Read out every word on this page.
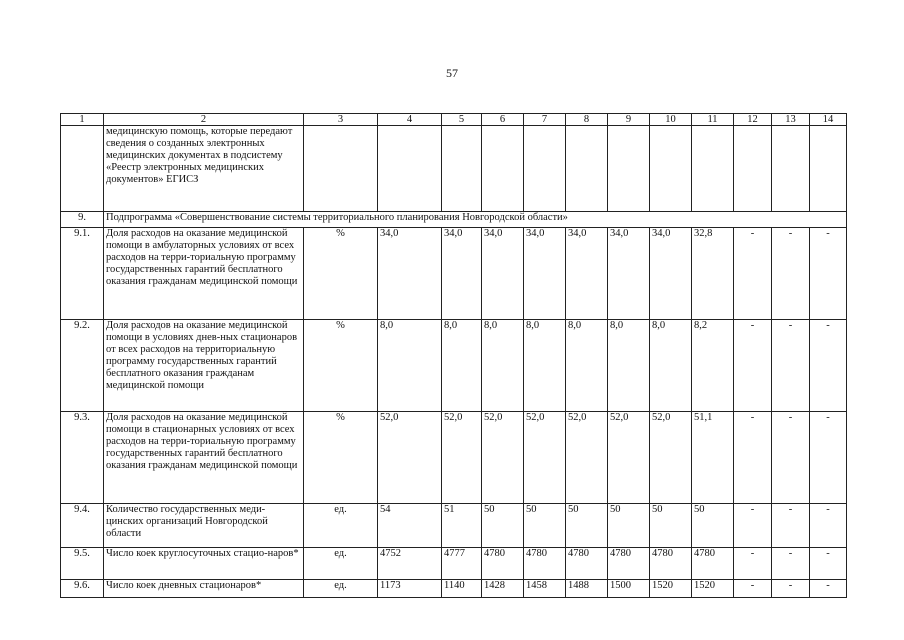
57
1	2	3	4	5	6	7	8	9	10	11	12	13	14
	медицинскую помощь, которые передают сведения о созданных электронных медицинских документах в подсистему «Реестр электронных медицинских документов» ЕГИСЗ												
9.	Подпрограмма «Совершенствование системы территориального планирования Новгородской области»												
9.1.	Доля расходов на оказание медицинской помощи в амбулаторных условиях от всех расходов на терри-ториальную программу государственных гарантий бесплатного оказания гражданам медицинской помощи	%	34,0	34,0	34,0	34,0	34,0	34,0	34,0	32,8	-	-	-
9.2.	Доля расходов на оказание медицинской помощи в условиях днев-ных стационаров от всех расходов на территориальную программу государственных гарантий бесплатного оказания гражданам медицинской помощи	%	8,0	8,0	8,0	8,0	8,0	8,0	8,0	8,2	-	-	-
9.3.	Доля расходов на оказание медицинской помощи в стационарных условиях от всех расходов на терри-ториальную программу государственных гарантий бесплатного оказания гражданам медицинской помощи	%	52,0	52,0	52,0	52,0	52,0	52,0	52,0	51,1	-	-	-
9.4.	Количество государственных меди-цинских организаций Новгородской области	ед.	54	51	50	50	50	50	50	50	-	-	-
9.5.	Число коек круглосуточных стацио-наров*	ед.	4752	4777	4780	4780	4780	4780	4780	4780	-	-	-
9.6.	Число коек дневных стационаров*	ед.	1173	1140	1428	1458	1488	1500	1520	1520	-	-	-
